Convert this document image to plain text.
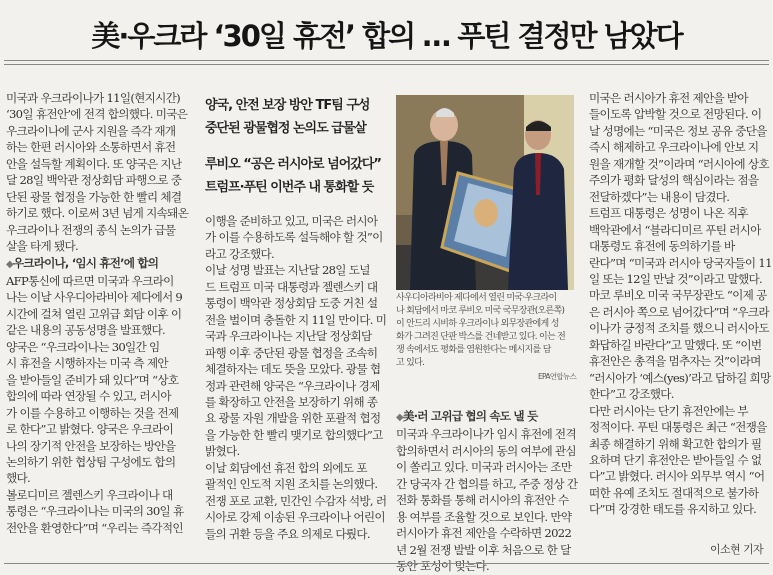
美·우크라 ‘30일 휴전’ 합의 … 푸틴 결정만 남았다

미국과 우크라이나가 11일(현지시간)

‘30일 휴전안’에 전격 합의했다. 미국은

우크라이나에 군사 지원을 즉각 재개

하는 한편 러시아와 소통하면서 휴전

안을 설득할 계획이다. 또 양국은 지난

달 28일 백악관 정상회담 파행으로 중

단된 광물 협정을 가능한 한 빨리 체결

하기로 했다. 이로써 3년 넘게 지속돼온

우크라이나 전쟁의 종식 논의가 급물

살을 타게 됐다.

◆우크라이나, ‘임시 휴전’에 합의

AFP통신에 따르면 미국과 우크라이

나는 이날 사우디아라비아 제다에서 9

시간에 걸쳐 열린 고위급 회담 이후 이

같은 내용의 공동성명을 발표했다.

양국은 “우크라이나는 30일간 임

시 휴전을 시행하자는 미국 측 제안

을 받아들일 준비가 돼 있다”며 “상호

합의에 따라 연장될 수 있고, 러시아

가 이를 수용하고 이행하는 것을 전제

로 한다”고 밝혔다. 양국은 우크라이

나의 장기적 안전을 보장하는 방안을

논의하기 위한 협상팀 구성에도 합의

했다.

볼로디미르 젤렌스키 우크라이나 대

통령은 “우크라이나는 미국의 30일 휴

전안을 환영한다”며 “우리는 즉각적인

양국, 안전 보장 방안 TF팀 구성
중단된 광물협정 논의도 급물살
루비오 “공은 러시아로 넘어갔다”
트럼프·푸틴 이번주 내 통화할 듯

이행을 준비하고 있고, 미국은 러시아

가 이를 수용하도록 설득해야 할 것”이

라고 강조했다.

이날 성명 발표는 지난달 28일 도널

드 트럼프 미국 대통령과 젤렌스키 대

통령이 백악관 정상회담 도중 거친 설

전을 벌이며 충돌한 지 11일 만이다. 미

국과 우크라이나는 지난달 정상회담

파행 이후 중단된 광물 협정을 조속히

체결하자는 데도 뜻을 모았다. 광물 협

정과 관련해 양국은 “우크라이나 경제

를 확장하고 안전을 보장하기 위해 종

요 광물 자원 개발을 위한 포괄적 협정

을 가능한 한 빨리 맺기로 합의했다”고

밝혔다.

이날 회담에선 휴전 합의 외에도 포

괄적인 인도적 지원 조치를 논의했다.

전쟁 포로 교환, 민간인 수감자 석방, 러

시아로 강제 이송된 우크라이나 어린이

들의 귀환 등을 주요 의제로 다뤘다.

사우디아라비아 제다에서 열린 미국·우크라이

나 회담에서 마코 루비오 미국 국무장관(오른쪽)

이 안드리 시비하 우크라이나 외무장관에게 성

화가 그려진 단판 박스를 건네받고 있다. 이는 전

쟁 속에서도 평화를 염원한다는 메시지를 담

고 있다.

EPA연합뉴스
◆美·러 고위급 협의 속도 낼 듯

미국과 우크라이나가 임시 휴전에 전격

합의하면서 러시아의 동의 여부에 관심

이 쏠리고 있다. 미국과 러시아는 조만

간 당국자 간 협의를 하고, 주중 정상 간

전화 통화를 통해 러시아의 휴전안 수

용 여부를 조율할 것으로 보인다. 만약

러시아가 휴전 제안을 수락하면 2022

년 2월 전쟁 발발 이후 처음으로 한 달

동안 포성이 멎는다.

미국은 러시아가 휴전 제안을 받아

들이도록 압박할 것으로 전망된다. 이

날 성명에는 “미국은 정보 공유 중단을

즉시 해제하고 우크라이나에 안보 지

원을 재개할 것”이라며 “러시아에 상호

주의가 평화 달성의 핵심이라는 점을

전달하겠다”는 내용이 담겼다.

트럼프 대통령은 성명이 나온 직후

백악관에서 “블라디미르 푸틴 러시아

대통령도 휴전에 동의하기를 바

란다”며 “미국과 러시아 당국자들이 11

일 또는 12일 만날 것”이라고 말했다.

마코 루비오 미국 국무장관도 “이제 공

은 러시아 쪽으로 넘어갔다”며 “우크라

이나가 긍정적 조치를 했으니 러시아도

화답하길 바란다”고 말했다. 또 “이번

휴전안은 총격을 멈추자는 것”이라며

“러시아가 ‘예스(yes)’라고 답하길 희망

한다”고 강조했다.

다만 러시아는 단기 휴전안에는 부

정적이다. 푸틴 대통령은 최근 “전쟁을

최종 해결하기 위해 확고한 합의가 필

요하며 단기 휴전안은 받아들일 수 없

다”고 밝혔다. 러시아 외무부 역시 “어

떠한 유예 조치도 절대적으로 불가하

다”며 강경한 태도를 유지하고 있다.

이소현 기자
